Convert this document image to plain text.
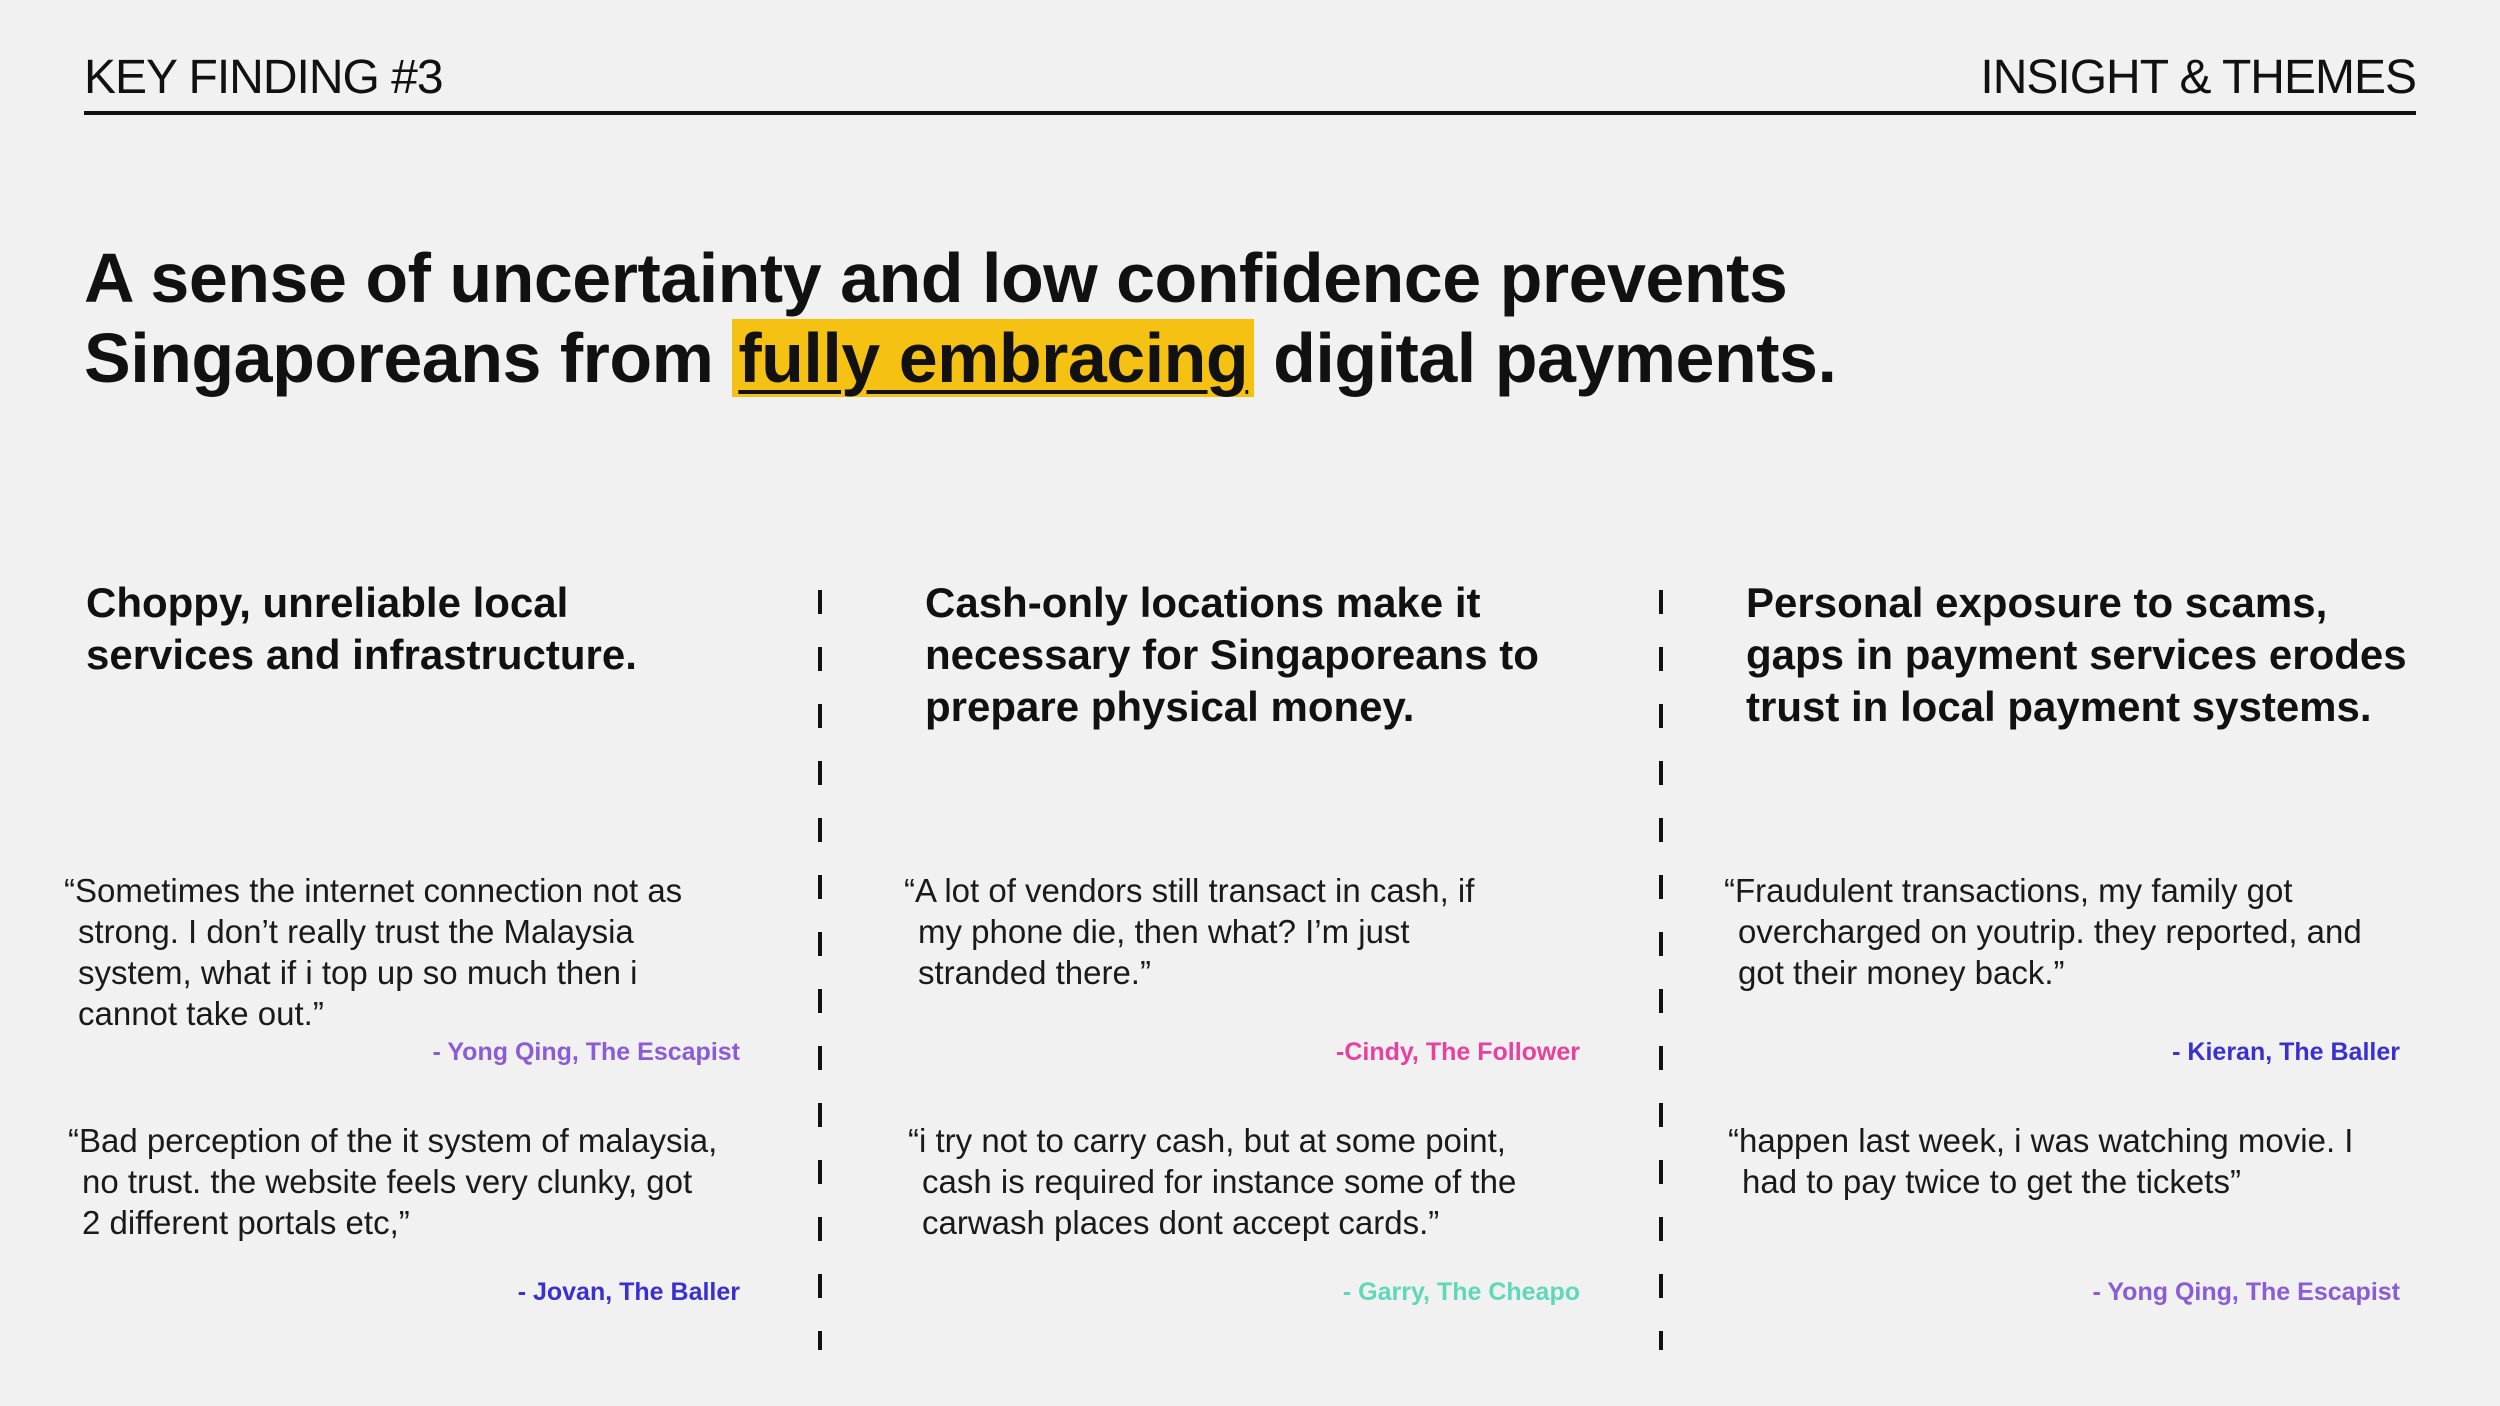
KEY FINDING #3	INSIGHT & THEMES
A sense of uncertainty and low confidence prevents
Singaporeans from fully embracing digital payments.
Choppy, unreliable local
services and infrastructure.
“Sometimes the internet connection not as
strong. I don’t really trust the Malaysia
system, what if i top up so much then i
cannot take out.”
- Yong Qing, The Escapist
“Bad perception of the it system of malaysia,
no trust. the website feels very clunky, got
2 different portals etc,”
- Jovan, The Baller
Cash-only locations make it
necessary for Singaporeans to
prepare physical money.
“A lot of vendors still transact in cash, if
my phone die, then what? I’m just
stranded there.”
-Cindy, The Follower
“i try not to carry cash, but at some point,
cash is required for instance some of the
carwash places dont accept cards.”
- Garry, The Cheapo
Personal exposure to scams,
gaps in payment services erodes
trust in local payment systems.
“Fraudulent transactions, my family got
overcharged on youtrip. they reported, and
got their money back.”
- Kieran, The Baller
“happen last week, i was watching movie. I
had to pay twice to get the tickets”
- Yong Qing, The Escapist
